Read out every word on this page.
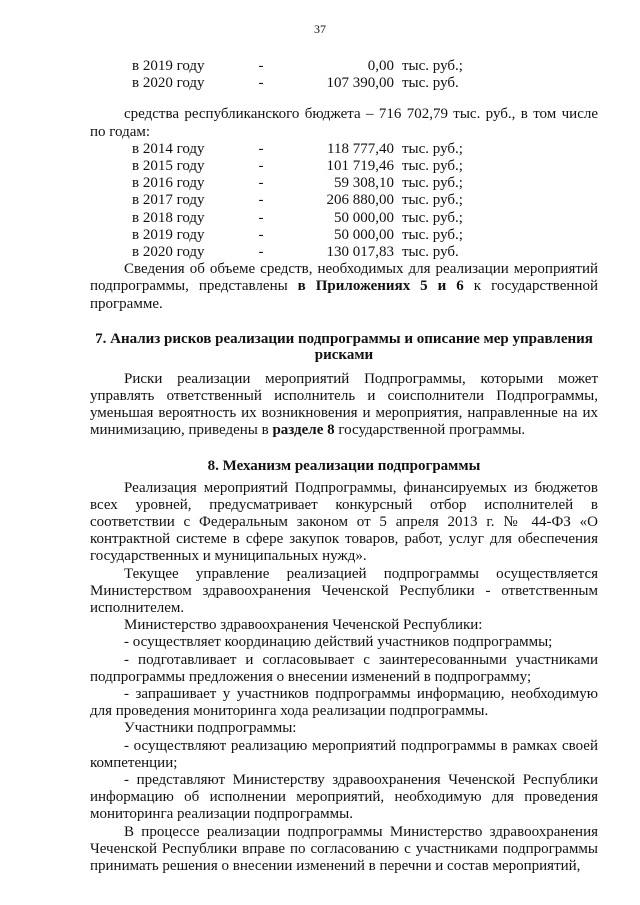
37
в 2019 году	-	0,00 тыс. руб.;
в 2020 году	-	107 390,00 тыс. руб.

средства республиканского бюджета – 716 702,79 тыс. руб., в том числе по годам:

в 2014 году	-	118 777,40 тыс. руб.;
в 2015 году	-	101 719,46 тыс. руб.;
в 2016 году	-	59 308,10 тыс. руб.;
в 2017 году	-	206 880,00 тыс. руб.;
в 2018 году	-	50 000,00 тыс. руб.;
в 2019 году	-	50 000,00 тыс. руб.;
в 2020 году	-	130 017,83 тыс. руб.

Сведения об объеме средств, необходимых для реализации мероприятий подпрограммы, представлены в Приложениях 5 и 6 к государственной программе.

7. Анализ рисков реализации подпрограммы и описание мер управления
рисками

Риски реализации мероприятий Подпрограммы, которыми может управлять ответственный исполнитель и соисполнители Подпрограммы, уменьшая вероятность их возникновения и мероприятия, направленные на их минимизацию, приведены в разделе 8 государственной программы.

8. Механизм реализации подпрограммы

Реализация мероприятий Подпрограммы, финансируемых из бюджетов всех уровней, предусматривает конкурсный отбор исполнителей в соответствии с Федеральным законом от 5 апреля 2013 г. № 44-ФЗ «О контрактной системе в сфере закупок товаров, работ, услуг для обеспечения государственных и муниципальных нужд».

Текущее управление реализацией подпрограммы осуществляется Министерством здравоохранения Чеченской Республики - ответственным исполнителем.

Министерство здравоохранения Чеченской Республики:

- осуществляет координацию действий участников подпрограммы;

- подготавливает и согласовывает с заинтересованными участниками подпрограммы предложения о внесении изменений в подпрограмму;

- запрашивает у участников подпрограммы информацию, необходимую для проведения мониторинга хода реализации подпрограммы.

Участники подпрограммы:

- осуществляют реализацию мероприятий подпрограммы в рамках своей компетенции;

- представляют Министерству здравоохранения Чеченской Республики информацию об исполнении мероприятий, необходимую для проведения мониторинга реализации подпрограммы.

В процессе реализации подпрограммы Министерство здравоохранения Чеченской Республики вправе по согласованию с участниками подпрограммы принимать решения о внесении изменений в перечни и состав мероприятий,
